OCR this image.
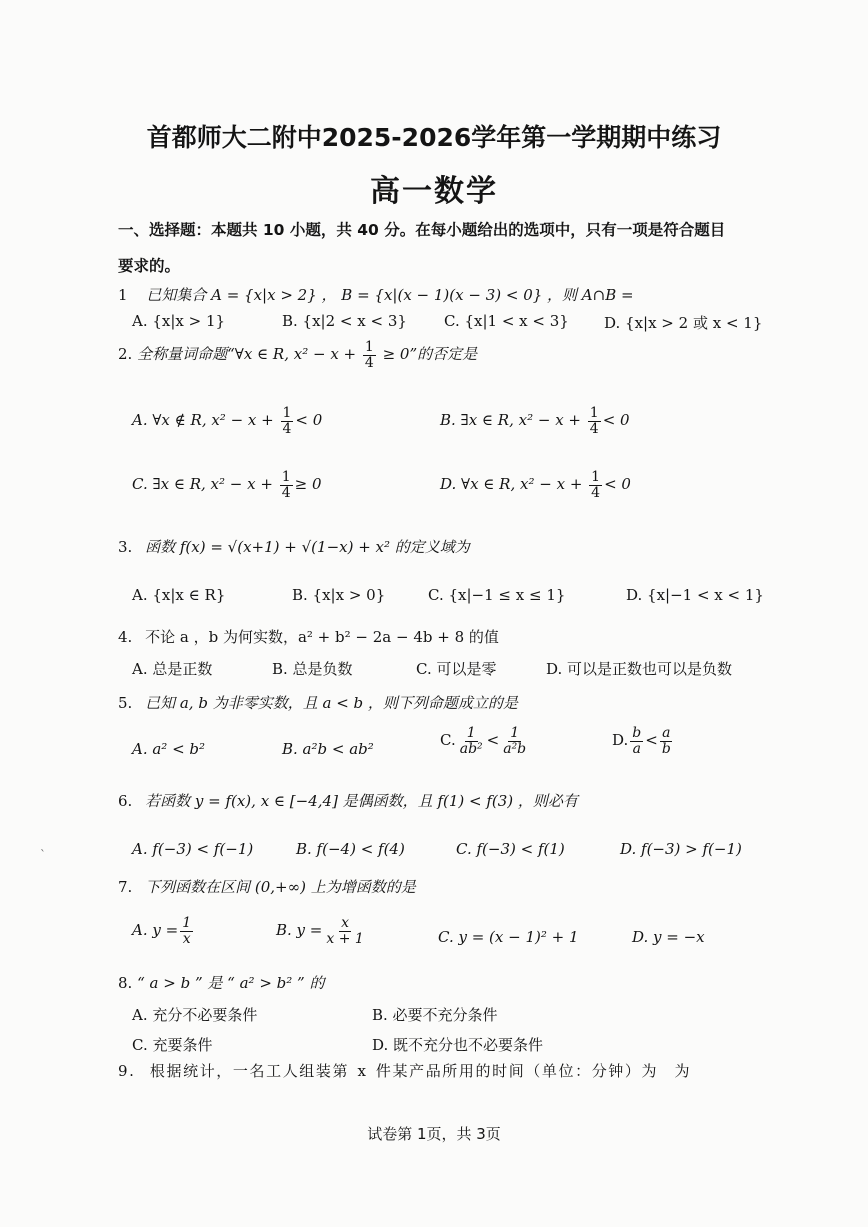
首都师大二附中2025-2026学年第一学期期中练习
高一数学
一、选择题：本题共 10 小题，共 40 分。在每小题给出的选项中，只有一项是符合题目
要求的。
1 已知集合 A = {x|x > 2} ， B = {x|(x − 1)(x − 3) < 0} ，则 A∩B =
A. {x|x > 1}	B. {x|2 < x < 3} C. {x|1 < x < 3} D. {x|x > 2 或 x < 1}
2. 全称量词命题“∀x ∈ R, $x^2 - x + \frac{1}{4} \ge 0$”的否定是
A. ∀x ∉ R, $x^2 - x + \frac{1}{4} < 0$	B. ∃x ∈ R, $x^2 - x + \frac{1}{4} < 0$
C. ∃x ∈ R, $x^2 - x + \frac{1}{4} \ge 0$	D. ∀x ∈ R, $x^2 - x + \frac{1}{4} < 0$
3. 函数 f(x) = √(x+1) + √(1−x) + x² 的定义域为
A. {x|x ∈ R}	B. {x|x > 0}	C. {x|−1 ≤ x ≤ 1}	D. {x|−1 < x < 1}
4. 不论 a ，b 为何实数，a² + b² − 2a − 4b + 8 的值
A. 总是正数	B. 总是负数	C. 可以是零	D. 可以是正数也可以是负数
5. 已知 a, b 为非零实数，且 a < b ，则下列命题成立的是
A. a² < b²	B. a²b < ab²	C. $\frac{1}{\text{ab²}} < \frac{1}{\text{a²b}}$	D. $\frac{b}{a} < \frac{a}{b}$
6. 若函数 y = f(x), x ∈ [−4,4] 是偶函数，且 f(1) < f(3) ，则必有
`	A. f(−3) < f(−1)	B. f(−4) < f(4)	C. f(−3) < f(1)	D. f(−3) > f(−1)
7. 下列函数在区间 (0,+∞) 上为增函数的是
A. $y = \frac{1}{x}$	B. $y = \frac{x}{x + 1}$	C. y = (x − 1)² + 1	D. y = −x
8. “ a > b ” 是 “ a² > b² ” 的
A. 充分不必要条件	B. 必要不充分条件
C. 充要条件	D. 既不充分也不必要条件
9. 根据统计，一名工人组装第 x 件某产品所用的时间（单位：分钟）为 为
试卷第 1页，共 3页
